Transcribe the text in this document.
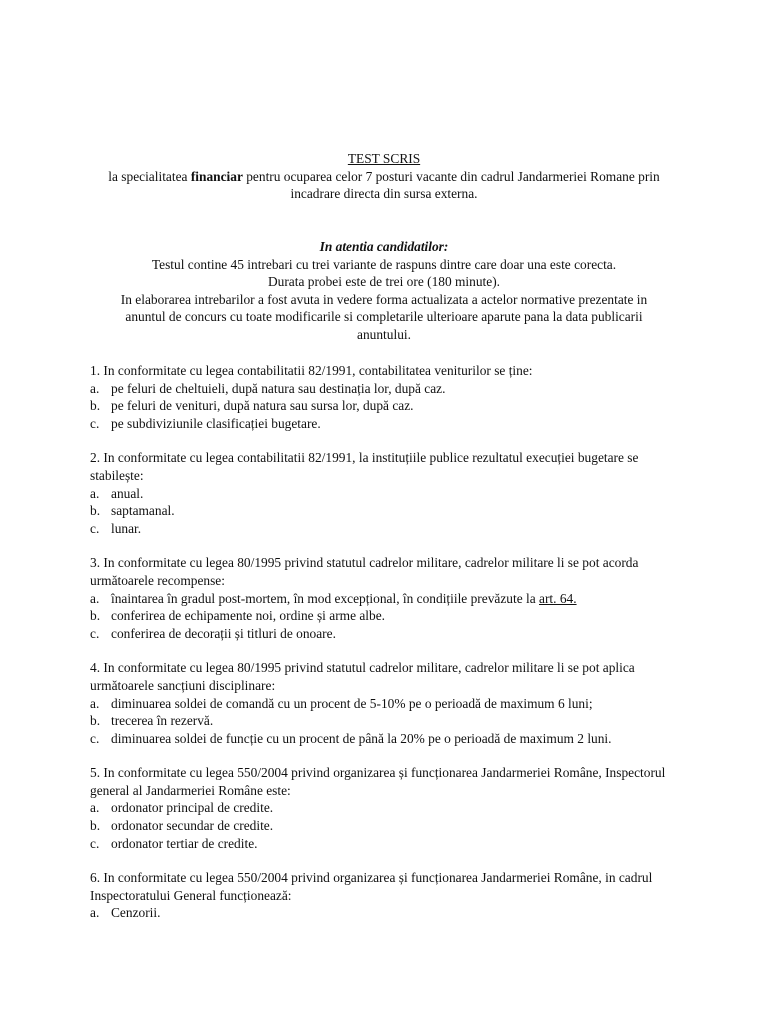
TEST SCRIS
la specialitatea financiar pentru ocuparea celor 7 posturi vacante din cadrul Jandarmeriei Romane prin
incadrare directa din sursa externa.
In atentia candidatilor:
Testul contine 45 intrebari cu trei variante de raspuns dintre care doar una este corecta.
Durata probei este de trei ore (180 minute).
In elaborarea intrebarilor a fost avuta in vedere forma actualizata a actelor normative prezentate in anuntul de concurs cu toate modificarile si completarile ulterioare aparute pana la data publicarii anuntului.

1. In conformitate cu legea contabilitatii 82/1991, contabilitatea veniturilor se ține:

a. pe feluri de cheltuieli, după natura sau destinația lor, după caz.
b. pe feluri de venituri, după natura sau sursa lor, după caz.
c. pe subdiviziunile clasificației bugetare.

2. In conformitate cu legea contabilitatii 82/1991, la instituțiile publice rezultatul execuției bugetare se stabilește:

a. anual.
b. saptamanal.
c. lunar.

3. In conformitate cu legea 80/1995 privind statutul cadrelor militare, cadrelor militare li se pot acorda următoarele recompense:

a. înaintarea în gradul post-mortem, în mod excepțional, în condițiile prevăzute la art. 64.
b. conferirea de echipamente noi, ordine și arme albe.
c. conferirea de decorații și titluri de onoare.

4. In conformitate cu legea 80/1995 privind statutul cadrelor militare, cadrelor militare li se pot aplica următoarele sancțiuni disciplinare:

a. diminuarea soldei de comandă cu un procent de 5-10% pe o perioadă de maximum 6 luni;
b. trecerea în rezervă.
c. diminuarea soldei de funcție cu un procent de până la 20% pe o perioadă de maximum 2 luni.

5. In conformitate cu legea 550/2004 privind organizarea și funcționarea Jandarmeriei Române, Inspectorul general al Jandarmeriei Române este:

a. ordonator principal de credite.
b. ordonator secundar de credite.
c. ordonator tertiar de credite.

6. In conformitate cu legea 550/2004 privind organizarea și funcționarea Jandarmeriei Române, in cadrul Inspectoratului General funcționează:

a. Cenzorii.
